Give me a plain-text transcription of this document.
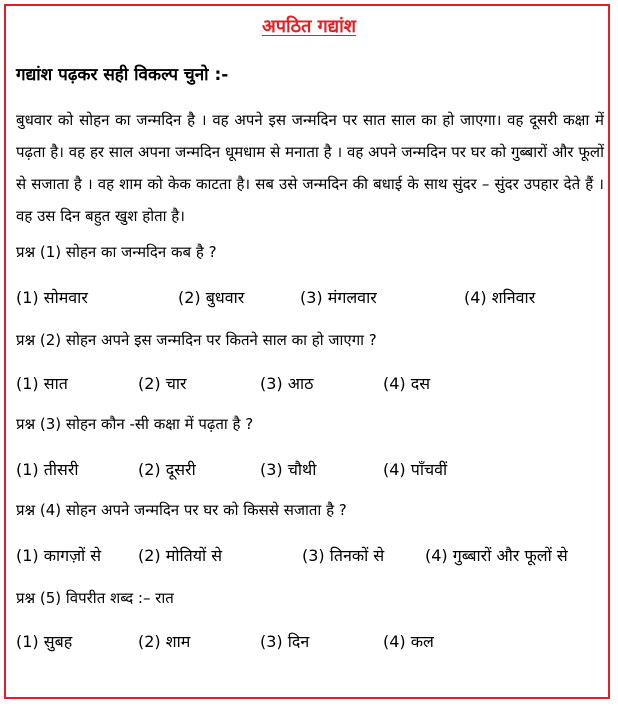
अपठित गद्यांश
गद्यांश पढ़कर सही विकल्प चुनो :-
बुधवार को सोहन का जन्मदिन है । वह अपने इस जन्मदिन पर सात साल का हो जाएगा। वह दूसरी कक्षा में पढ़ता है। वह हर साल अपना जन्मदिन धूमधाम से मनाता है । वह अपने जन्मदिन पर घर को गुब्बारों और फूलों से सजाता है । वह शाम को केक काटता है। सब उसे जन्मदिन की बधाई के साथ सुंदर – सुंदर उपहार देते हैं । वह उस दिन बहुत खुश होता है।
प्रश्न (1) सोहन का जन्मदिन कब है ?
(1) सोमवार	(2) बुधवार	(3) मंगलवार	(4) शनिवार
प्रश्न (2) सोहन अपने इस जन्मदिन पर कितने साल का हो जाएगा ?
(1) सात	(2) चार	(3) आठ	(4) दस
प्रश्न (3) सोहन कौन -सी कक्षा में पढ़ता है ?
(1) तीसरी	(2) दूसरी	(3) चौथी	(4) पाँचवीं
प्रश्न (4) सोहन अपने जन्मदिन पर घर को किससे सजाता है ?
(1) कागज़ों से (2) मोतियों से	(3) तिनकों से	(4) गुब्बारों और फूलों से
प्रश्न (5) विपरीत शब्द :– रात
(1) सुबह	(2) शाम	(3) दिन	(4) कल
